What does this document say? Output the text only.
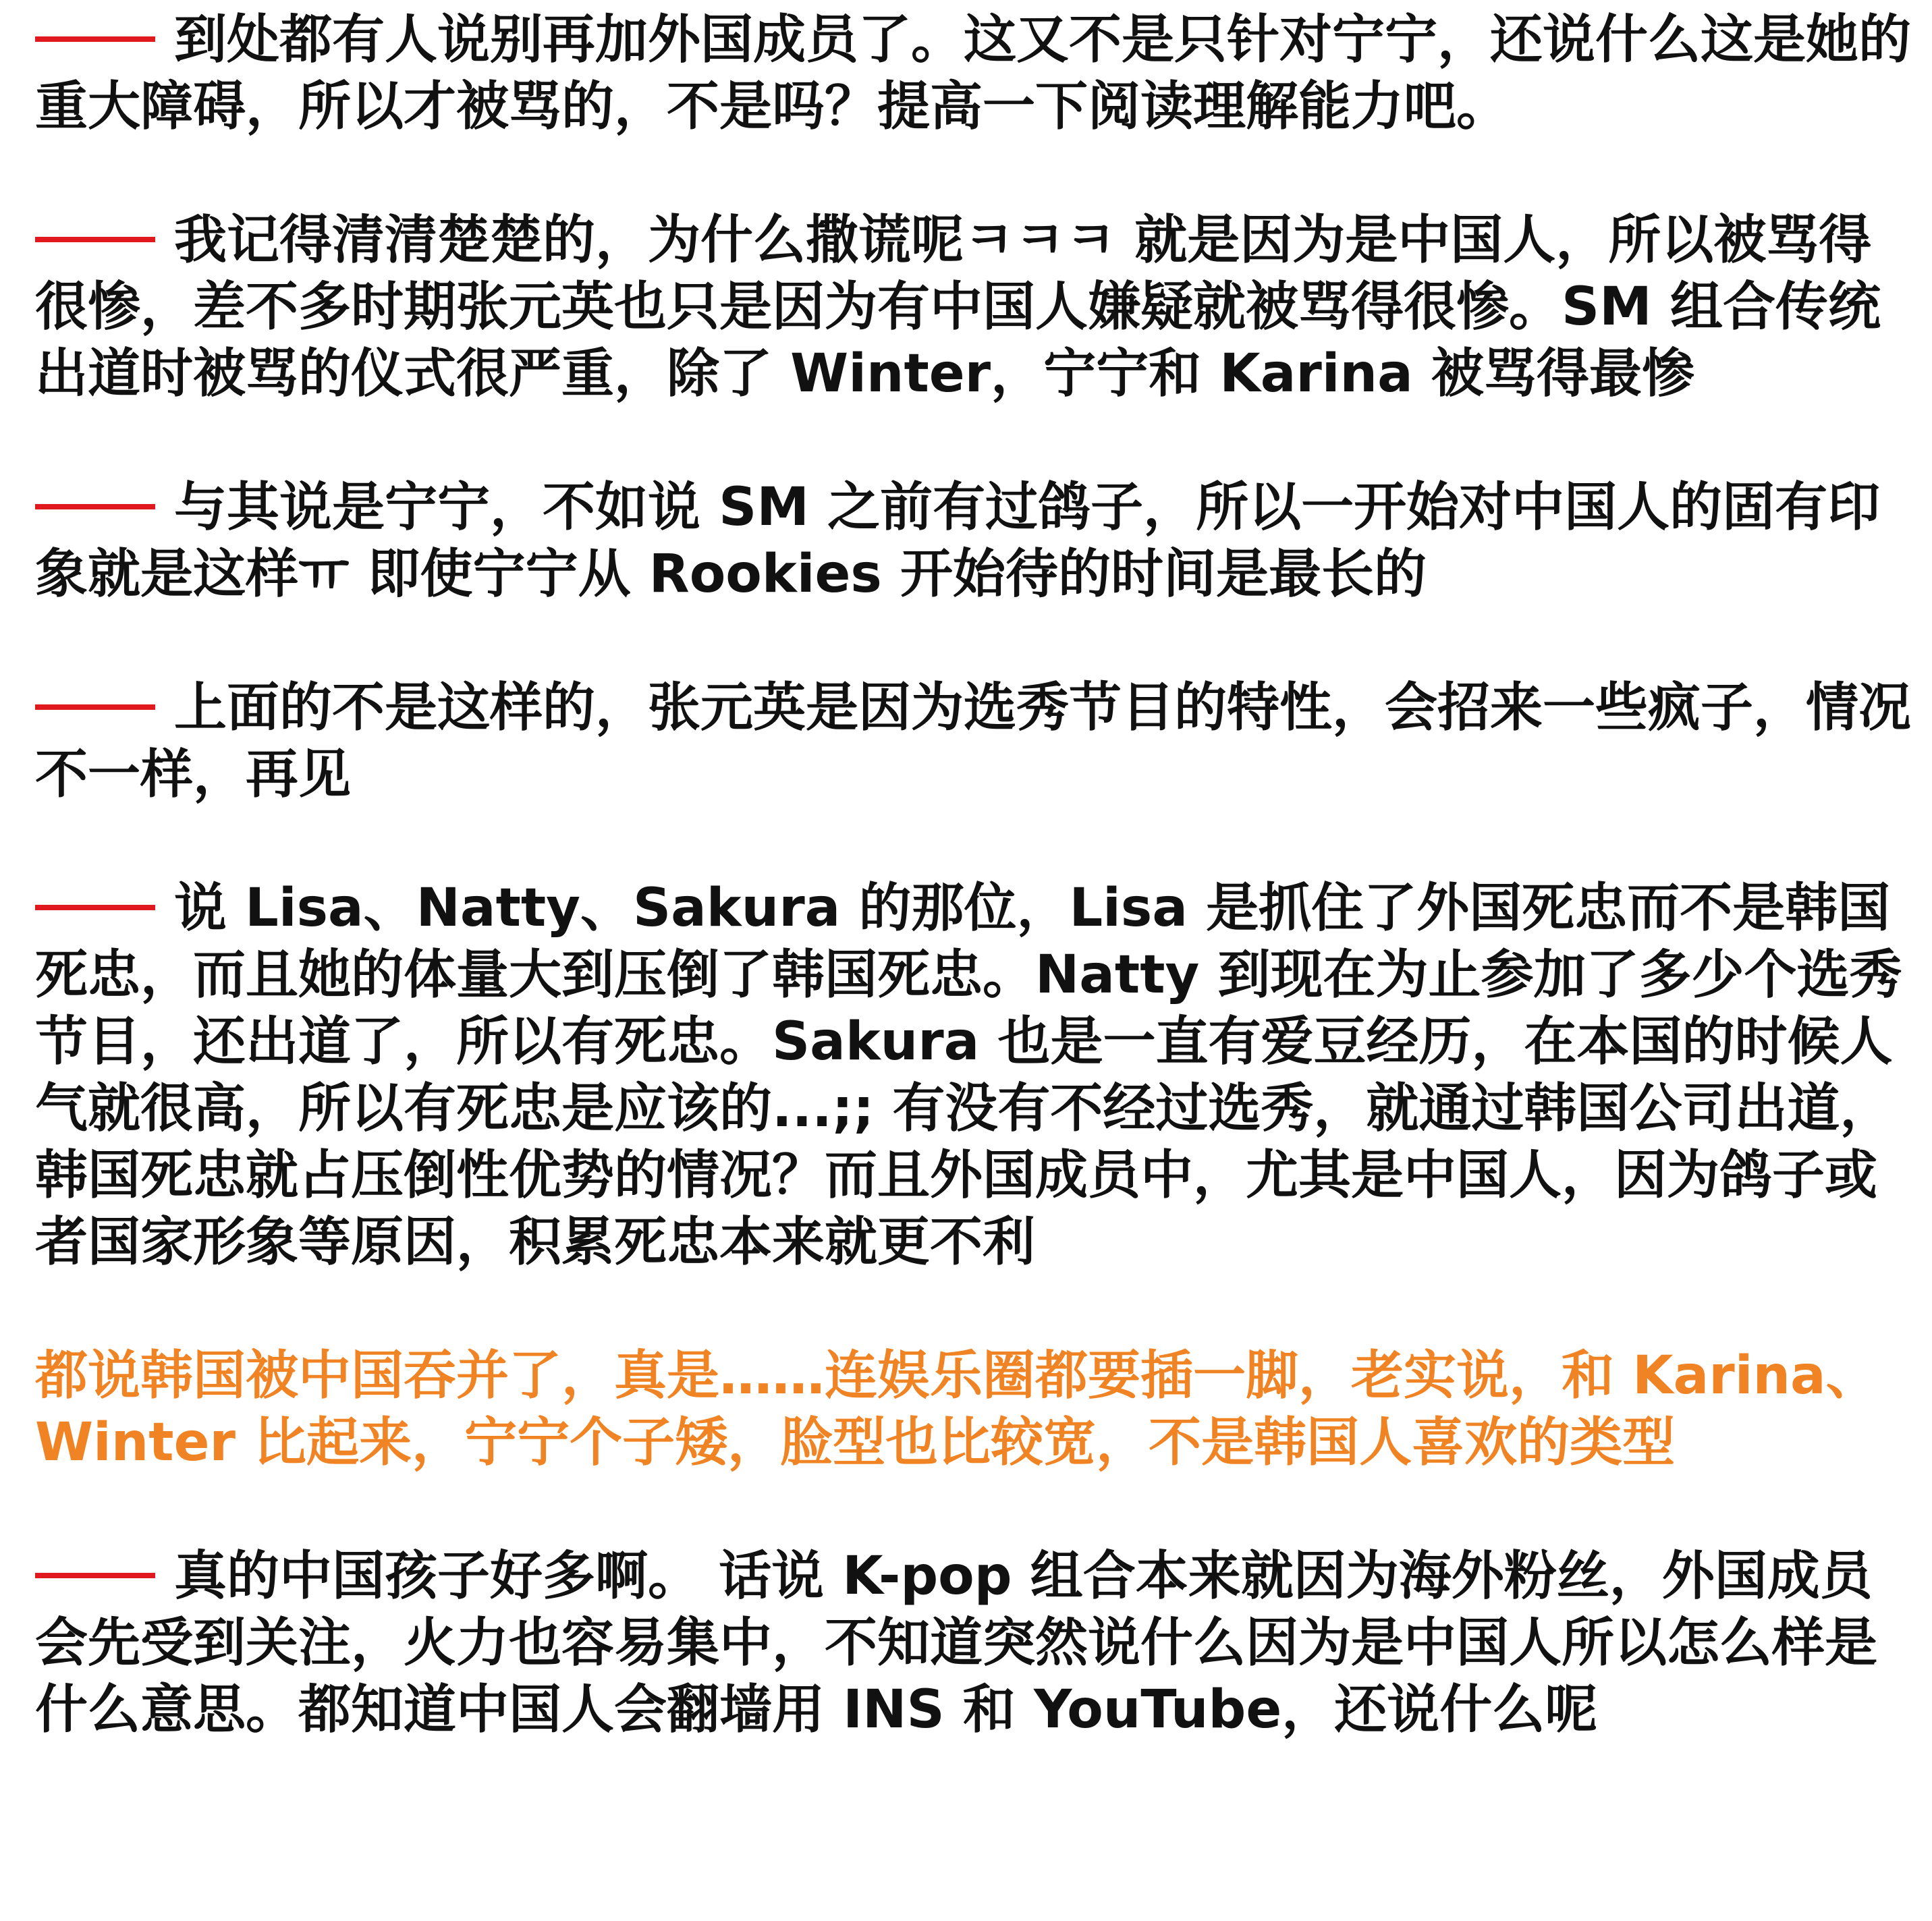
到处都有人说别再加外国成员了。这又不是只针对宁宁，还说什么这是她的重大障碍，所以才被骂的，不是吗？提高一下阅读理解能力吧。

我记得清清楚楚的，为什么撒谎呢ㅋㅋㅋ 就是因为是中国人，所以被骂得很惨，差不多时期张元英也只是因为有中国人嫌疑就被骂得很惨。SM 组合传统出道时被骂的仪式很严重，除了 Winter，宁宁和 Karina 被骂得最惨

与其说是宁宁，不如说 SM 之前有过鸽子，所以一开始对中国人的固有印象就是这样ㅠ 即使宁宁从 Rookies 开始待的时间是最长的

上面的不是这样的，张元英是因为选秀节目的特性，会招来一些疯子，情况不一样，再见

说 Lisa、Natty、Sakura 的那位，Lisa 是抓住了外国死忠而不是韩国死忠，而且她的体量大到压倒了韩国死忠。Natty 到现在为止参加了多少个选秀节目，还出道了，所以有死忠。Sakura 也是一直有爱豆经历，在本国的时候人气就很高，所以有死忠是应该的...;; 有没有不经过选秀，就通过韩国公司出道，韩国死忠就占压倒性优势的情况？而且外国成员中，尤其是中国人，因为鸽子或者国家形象等原因，积累死忠本来就更不利

都说韩国被中国吞并了，真是……连娱乐圈都要插一脚，老实说，和 Karina、Winter 比起来，宁宁个子矮，脸型也比较宽，不是韩国人喜欢的类型

真的中国孩子好多啊。 话说 K-pop 组合本来就因为海外粉丝，外国成员会先受到关注，火力也容易集中，不知道突然说什么因为是中国人所以怎么样是什么意思。都知道中国人会翻墙用 INS 和 YouTube，还说什么呢
